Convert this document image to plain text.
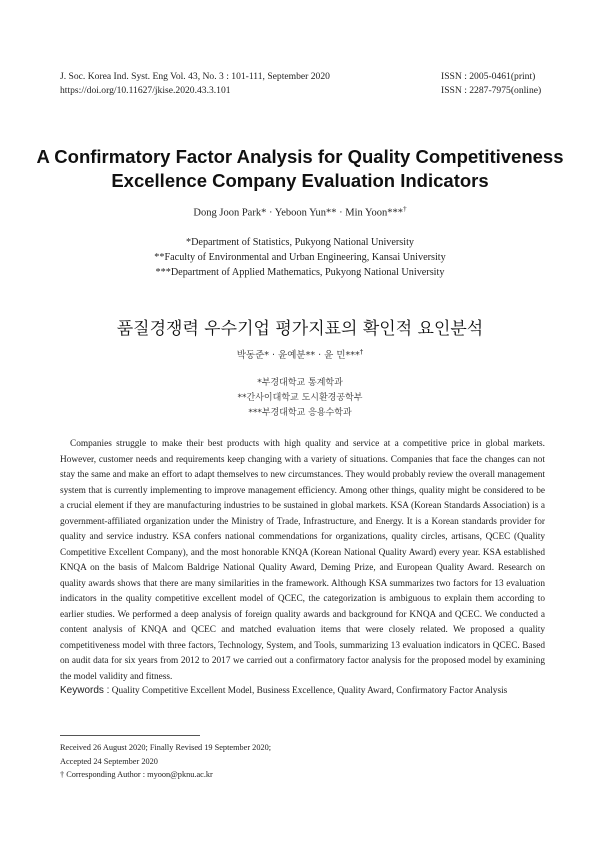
J. Soc. Korea Ind. Syst. Eng Vol. 43, No. 3 : 101-111, September 2020
https://doi.org/10.11627/jkise.2020.43.3.101
ISSN : 2005-0461(print)
ISSN : 2287-7975(online)
A Confirmatory Factor Analysis for Quality Competitiveness
Excellence Company Evaluation Indicators
Dong Joon Park* · Yeboon Yun** · Min Yoon***†
*Department of Statistics, Pukyong National University
**Faculty of Environmental and Urban Engineering, Kansai University
***Department of Applied Mathematics, Pukyong National University
품질경쟁력 우수기업 평가지표의 확인적 요인분석
박동준* · 윤예분** · 윤 민***†
*부경대학교 통계학과
**간사이대학교 도시환경공학부
***부경대학교 응용수학과
Companies struggle to make their best products with high quality and service at a competitive price in global markets. However, customer needs and requirements keep changing with a variety of situations. Companies that face the changes can not stay the same and make an effort to adapt themselves to new circumstances. They would probably review the overall management system that is currently implementing to improve management efficiency. Among other things, quality might be considered to be a crucial element if they are manufacturing industries to be sustained in global markets. KSA (Korean Standards Association) is a government-affiliated organization under the Ministry of Trade, Infrastructure, and Energy. It is a Korean standards provider for quality and service industry. KSA confers national commendations for organizations, quality circles, artisans, QCEC (Quality Competitive Excellent Company), and the most honorable KNQA (Korean National Quality Award) every year. KSA established KNQA on the basis of Malcom Baldrige National Quality Award, Deming Prize, and European Quality Award. Research on quality awards shows that there are many similarities in the framework. Although KSA summarizes two factors for 13 evaluation indicators in the quality competitive excellent model of QCEC, the categorization is ambiguous to explain them according to earlier studies. We performed a deep analysis of foreign quality awards and background for KNQA and QCEC. We conducted a content analysis of KNQA and QCEC and matched evaluation items that were closely related. We proposed a quality competitiveness model with three factors, Technology, System, and Tools, summarizing 13 evaluation indicators in QCEC. Based on audit data for six years from 2012 to 2017 we carried out a confirmatory factor analysis for the proposed model by examining the model validity and fitness.
Keywords : Quality Competitive Excellent Model, Business Excellence, Quality Award, Confirmatory Factor Analysis
Received 26 August 2020; Finally Revised 19 September 2020;
Accepted 24 September 2020
† Corresponding Author : myoon@pknu.ac.kr
